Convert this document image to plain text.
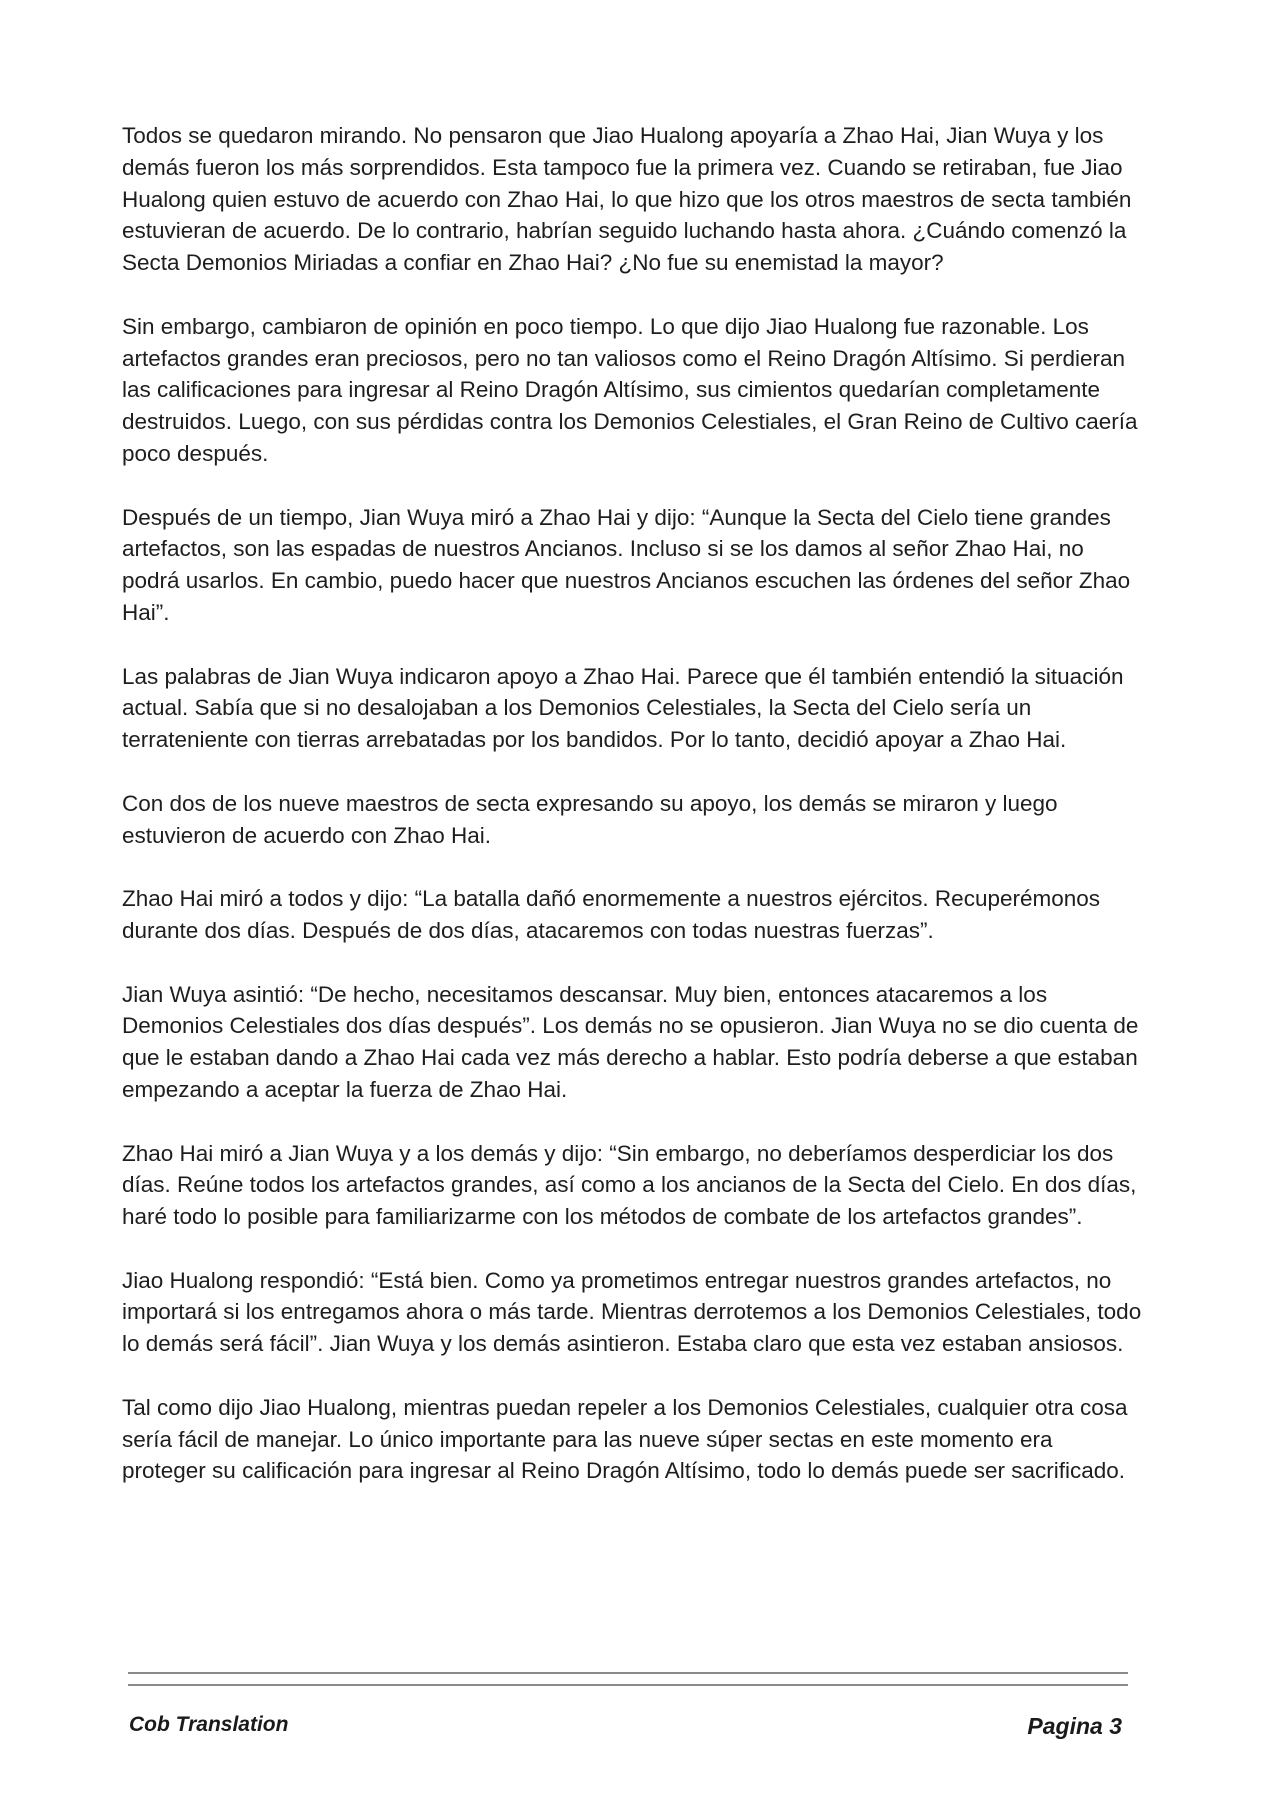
Todos se quedaron mirando. No pensaron que Jiao Hualong apoyaría a Zhao Hai, Jian Wuya y los demás fueron los más sorprendidos. Esta tampoco fue la primera vez. Cuando se retiraban, fue Jiao Hualong quien estuvo de acuerdo con Zhao Hai, lo que hizo que los otros maestros de secta también estuvieran de acuerdo. De lo contrario, habrían seguido luchando hasta ahora. ¿Cuándo comenzó la Secta Demonios Miriadas a confiar en Zhao Hai? ¿No fue su enemistad la mayor?

Sin embargo, cambiaron de opinión en poco tiempo. Lo que dijo Jiao Hualong fue razonable. Los artefactos grandes eran preciosos, pero no tan valiosos como el Reino Dragón Altísimo. Si perdieran las calificaciones para ingresar al Reino Dragón Altísimo, sus cimientos quedarían completamente destruidos. Luego, con sus pérdidas contra los Demonios Celestiales, el Gran Reino de Cultivo caería poco después.

Después de un tiempo, Jian Wuya miró a Zhao Hai y dijo: “Aunque la Secta del Cielo tiene grandes artefactos, son las espadas de nuestros Ancianos. Incluso si se los damos al señor Zhao Hai, no podrá usarlos. En cambio, puedo hacer que nuestros Ancianos escuchen las órdenes del señor Zhao Hai”.

Las palabras de Jian Wuya indicaron apoyo a Zhao Hai. Parece que él también entendió la situación actual. Sabía que si no desalojaban a los Demonios Celestiales, la Secta del Cielo sería un terrateniente con tierras arrebatadas por los bandidos. Por lo tanto, decidió apoyar a Zhao Hai.

Con dos de los nueve maestros de secta expresando su apoyo, los demás se miraron y luego estuvieron de acuerdo con Zhao Hai.

Zhao Hai miró a todos y dijo: “La batalla dañó enormemente a nuestros ejércitos. Recuperémonos durante dos días. Después de dos días, atacaremos con todas nuestras fuerzas”.

Jian Wuya asintió: “De hecho, necesitamos descansar. Muy bien, entonces atacaremos a los Demonios Celestiales dos días después”. Los demás no se opusieron. Jian Wuya no se dio cuenta de que le estaban dando a Zhao Hai cada vez más derecho a hablar. Esto podría deberse a que estaban empezando a aceptar la fuerza de Zhao Hai.

Zhao Hai miró a Jian Wuya y a los demás y dijo: “Sin embargo, no deberíamos desperdiciar los dos días. Reúne todos los artefactos grandes, así como a los ancianos de la Secta del Cielo. En dos días, haré todo lo posible para familiarizarme con los métodos de combate de los artefactos grandes”.

Jiao Hualong respondió: “Está bien. Como ya prometimos entregar nuestros grandes artefactos, no importará si los entregamos ahora o más tarde. Mientras derrotemos a los Demonios Celestiales, todo lo demás será fácil”. Jian Wuya y los demás asintieron. Estaba claro que esta vez estaban ansiosos.

Tal como dijo Jiao Hualong, mientras puedan repeler a los Demonios Celestiales, cualquier otra cosa sería fácil de manejar. Lo único importante para las nueve súper sectas en este momento era proteger su calificación para ingresar al Reino Dragón Altísimo, todo lo demás puede ser sacrificado.

Cob Translation	Pagina 3
